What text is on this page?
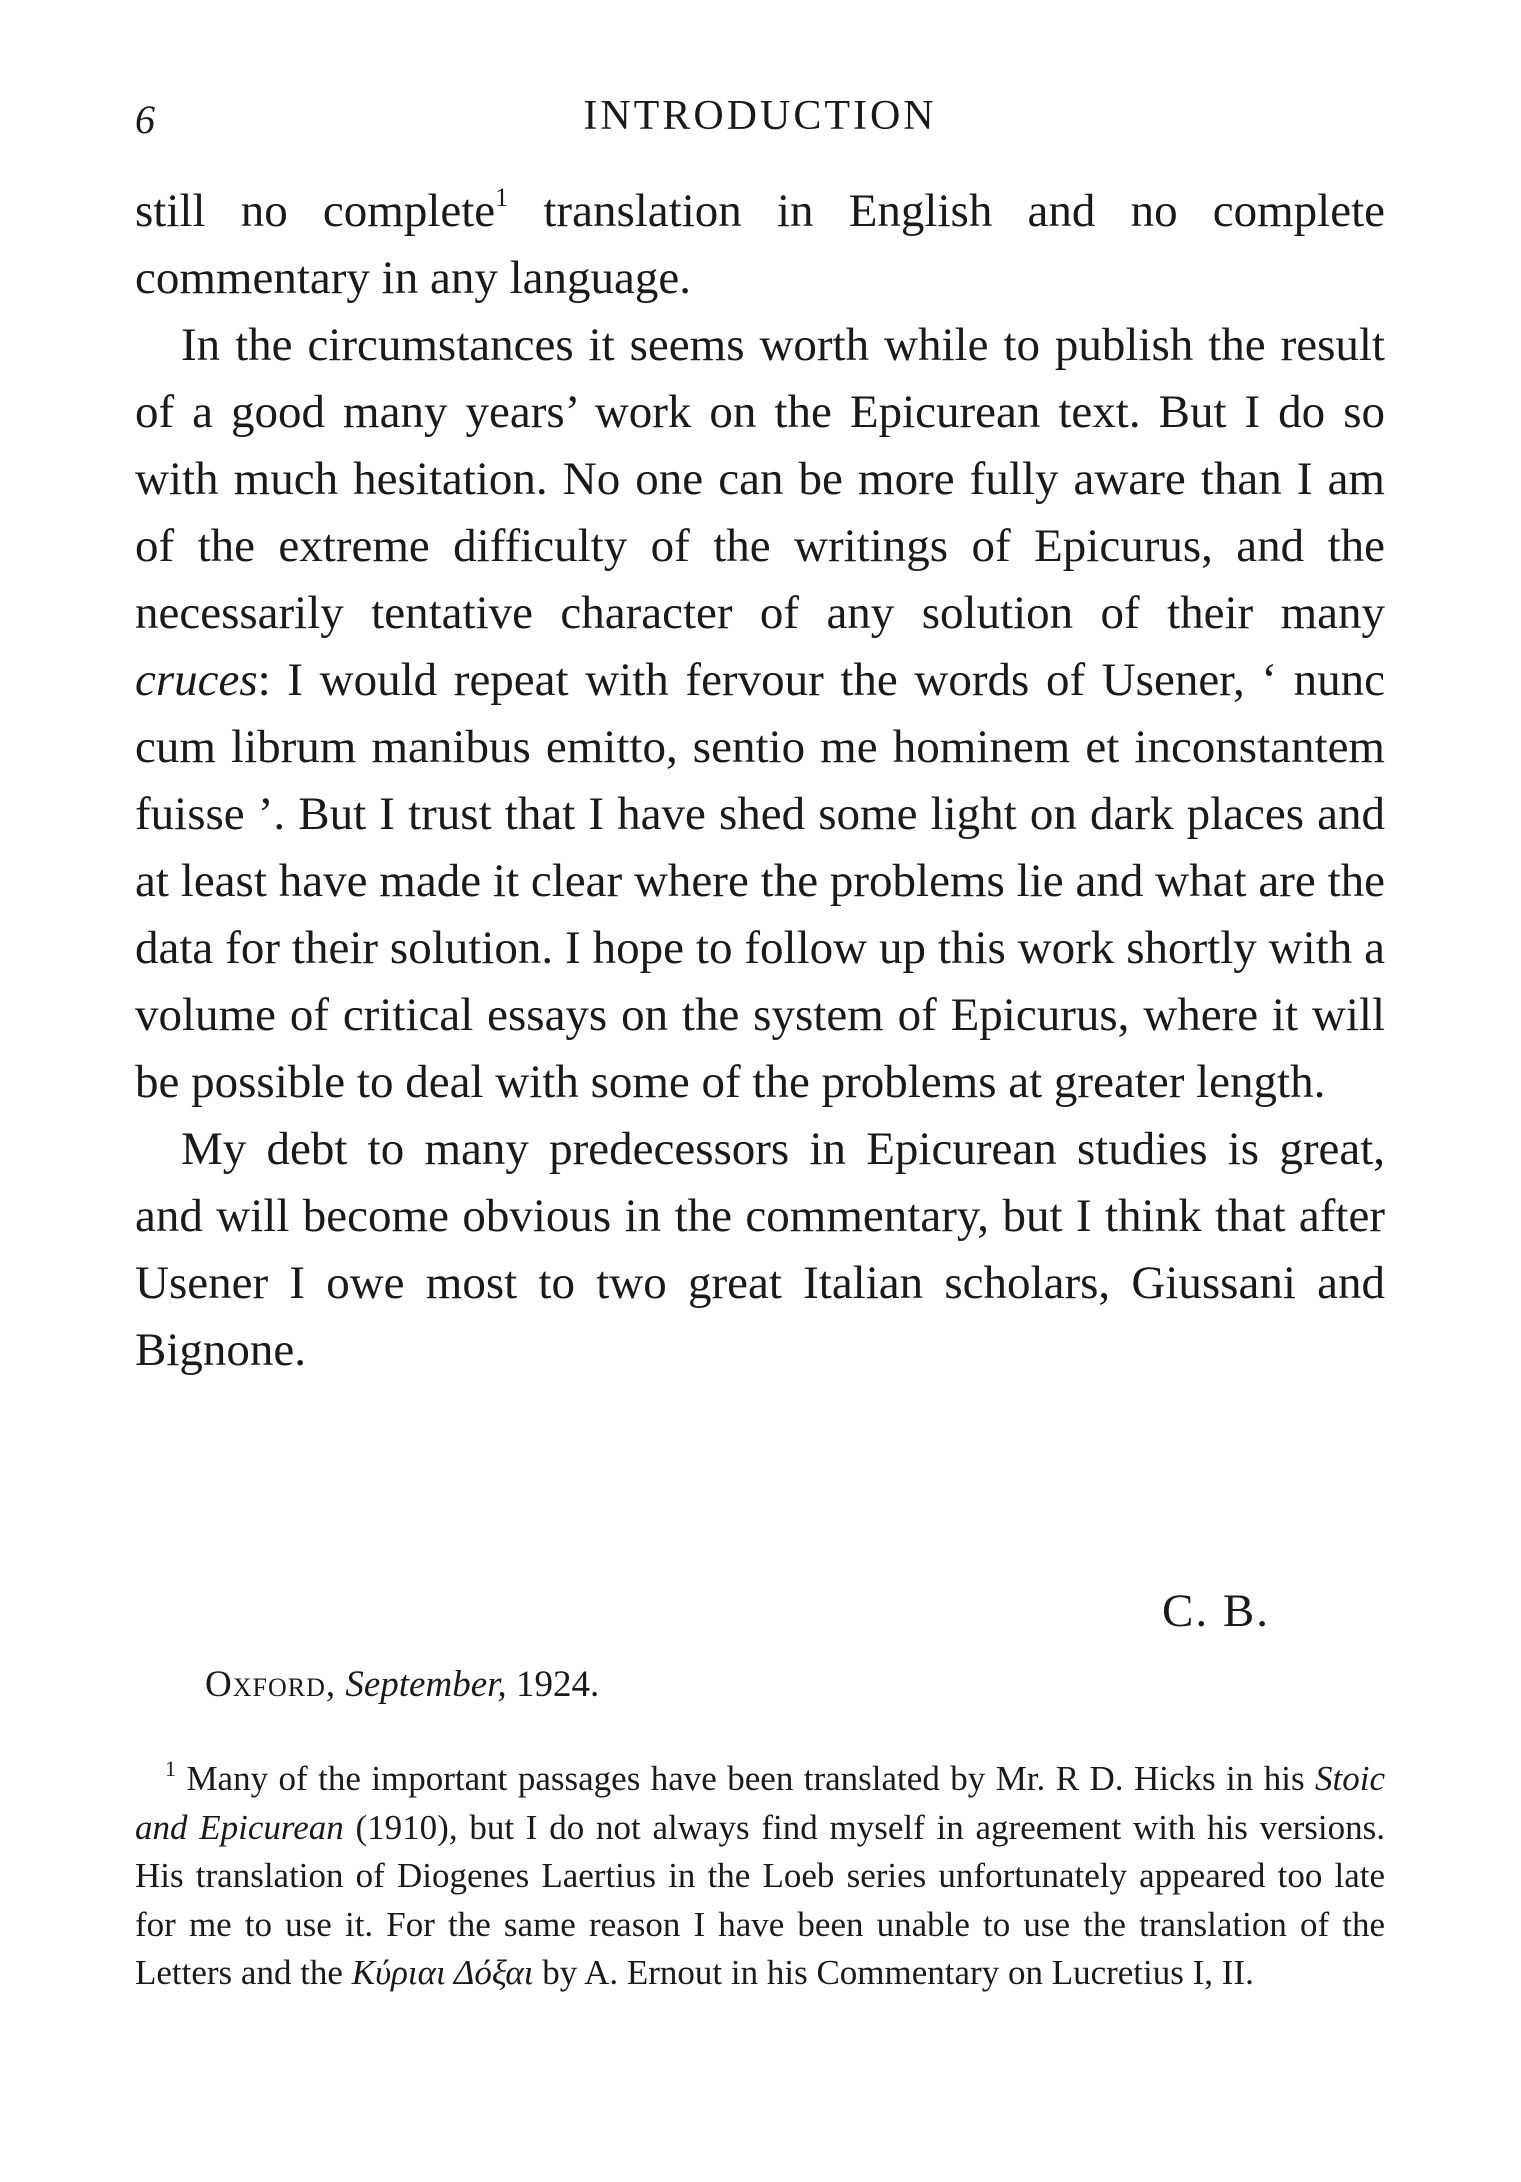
6	INTRODUCTION

still no complete$^1$ translation in English and no complete commentary in any language.

In the circumstances it seems worth while to publish the result of a good many years’ work on the Epicurean text. But I do so with much hesitation. No one can be more fully aware than I am of the extreme difficulty of the writings of Epicurus, and the necessarily tentative character of any solution of their many cruces: I would repeat with fervour the words of Usener, ‘ nunc cum librum manibus emitto, sentio me hominem et inconstantem fuisse ’. But I trust that I have shed some light on dark places and at least have made it clear where the problems lie and what are the data for their solution. I hope to follow up this work shortly with a volume of critical essays on the system of Epicurus, where it will be possible to deal with some of the problems at greater length.

My debt to many predecessors in Epicurean studies is great, and will become obvious in the commentary, but I think that after Usener I owe most to two great Italian scholars, Giussani and Bignone.

C. B.
Oxford, September, 1924.

$^1$ Many of the important passages have been translated by Mr. R D. Hicks in his Stoic and Epicurean (1910), but I do not always find myself in agreement with his versions. His translation of Diogenes Laertius in the Loeb series unfortunately appeared too late for me to use it. For the same reason I have been unable to use the translation of the Letters and the Κύριαι Δόξαι by A. Ernout in his Commentary on Lucretius I, II.
